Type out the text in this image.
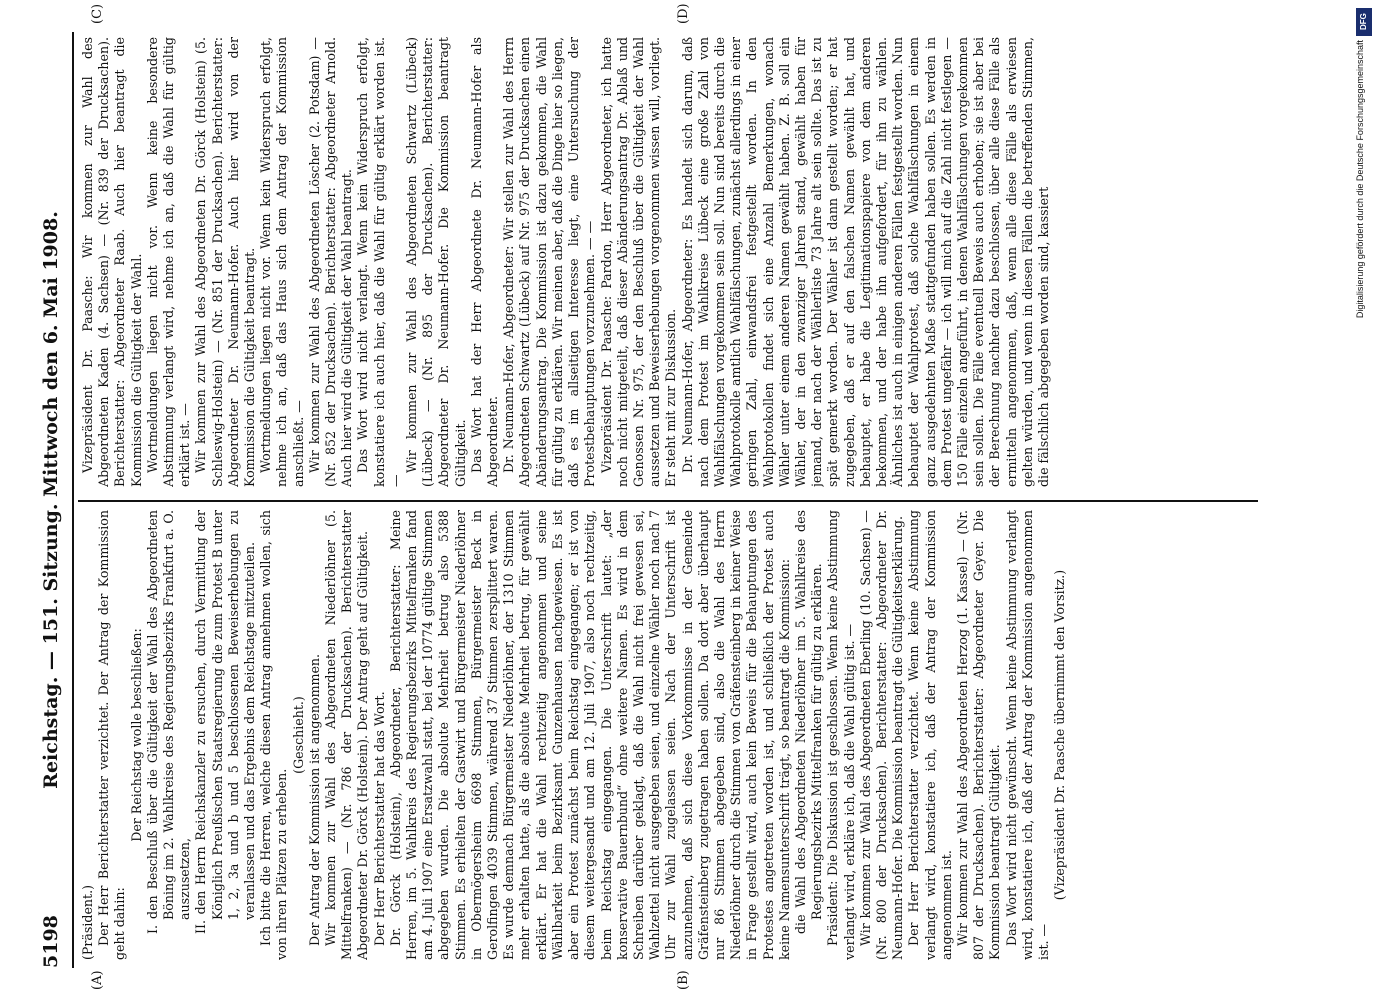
5198
Reichstag. — 151. Sitzung. Mittwoch den 6. Mai 1908.
(A)	(B)
(C)	(D)

(Präsident.) Der Herr Berichterstatter verzichtet. Der Antrag der Kommission geht dahin:

Der Reichstag wolle beschließen: I. den Beschluß über die Gültigkeit der Wahl des Abgeordneten Böning im 2. Wahlkreise des Regierungsbezirks Frankfurt a. O. auszusetzen, II. den Herrn Reichskanzler zu ersuchen, durch Vermittlung der Königlich Preußischen Staatsregierung die zum Protest B unter 1, 2, 3a und b und 5 beschlossenen Beweiserhebungen zu veranlassen und das Ergebnis dem Reichstage mitzuteilen. Ich bitte die Herren, welche diesen Antrag annehmen wollen, sich von ihren Plätzen zu erheben.

(Geschieht.) Der Antrag der Kommission ist angenommen. Wir kommen zur Wahl des Abgeordneten Niederlöhner (5. Mittelfranken) — (Nr. 786 der Drucksachen). Berichterstatter Abgeordneter Dr. Görck (Holstein). Der Antrag geht auf Gültigkeit. Der Herr Berichterstatter hat das Wort. Dr. Görck (Holstein), Abgeordneter, Berichterstatter: Meine Herren, im 5. Wahlkreis des Regierungsbezirks Mittelfranken fand am 4. Juli 1907 eine Ersatzwahl statt, bei der 10774 gültige Stimmen abgegeben wurden. Die absolute Mehrheit betrug also 5388 Stimmen. Es erhielten der Gastwirt und Bürgermeister Niederlöhner in Obermögersheim 6698 Stimmen, Bürgermeister Beck in Gerolfingen 4039 Stimmen, während 37 Stimmen zersplittert waren. Es wurde demnach Bürgermeister Niederlöhner, der 1310 Stimmen mehr erhalten hatte, als die absolute Mehrheit betrug, für gewählt erklärt. Er hat die Wahl rechtzeitig angenommen und seine Wählbarkeit beim Bezirksamt Gunzenhausen nachgewiesen. Es ist aber ein Protest zunächst beim Reichstag eingegangen; er ist von diesem weitergesandt und am 12. Juli 1907, also noch rechtzeitig, beim Reichstag eingegangen. Die Unterschrift lautet: „der konservative Bauernbund“ ohne weitere Namen. Es wird in dem Schreiben darüber geklagt, daß die Wahl nicht frei gewesen sei, Wahlzettel nicht ausgegeben seien, und einzelne Wähler noch nach 7 Uhr zur Wahl zugelassen seien. Nach der Unterschrift ist anzunehmen, daß sich diese Vorkommnisse in der Gemeinde Gräfensteinberg zugetragen haben sollen. Da dort aber überhaupt nur 86 Stimmen abgegeben sind, also die Wahl des Herrn Niederlöhner durch die Stimmen von Gräfensteinberg in keiner Weise in Frage gestellt wird, auch kein Beweis für die Behauptungen des Protestes angetreten worden ist, und schließlich der Protest auch keine Namensunterschrift trägt, so beantragt die Kommission: die Wahl des Abgeordneten Niederlöhner im 5. Wahlkreise des Regierungsbezirks Mittelfranken für gültig zu erklären. Präsident: Die Diskussion ist geschlossen. Wenn keine Abstimmung verlangt wird, erkläre ich, daß die Wahl gültig ist. — Wir kommen zur Wahl des Abgeordneten Eberling (10. Sachsen) — (Nr. 800 der Drucksachen). Berichterstatter: Abgeordneter Dr. Neumann-Hofer. Die Kommission beantragt die Gültigkeitserklärung. Der Herr Berichterstatter verzichtet. Wenn keine Abstimmung verlangt wird, konstatiere ich, daß der Antrag der Kommission angenommen ist. Wir kommen zur Wahl des Abgeordneten Herzog (1. Kassel) — (Nr. 807 der Drucksachen). Berichterstatter: Abgeordneter Geyer. Die Kommission beantragt Gültigkeit. Das Wort wird nicht gewünscht. Wenn keine Abstimmung verlangt wird, konstatiere ich, daß der Antrag der Kommission angenommen ist. —

(Vizepräsident Dr. Paasche übernimmt den Vorsitz.)

Vizepräsident Dr. Paasche: Wir kommen zur Wahl des Abgeordneten Kaden (4. Sachsen) — (Nr. 839 der Drucksachen). Berichterstatter: Abgeordneter Raab. Auch hier beantragt die Kommission die Gültigkeit der Wahl. Wortmeldungen liegen nicht vor. Wenn keine besondere Abstimmung verlangt wird, nehme ich an, daß die Wahl für gültig erklärt ist. — Wir kommen zur Wahl des Abgeordneten Dr. Görck (Holstein) (5. Schleswig-Holstein) — (Nr. 851 der Drucksachen). Berichterstatter: Abgeordneter Dr. Neumann-Hofer. Auch hier wird von der Kommission die Gültigkeit beantragt. Wortmeldungen liegen nicht vor. Wenn kein Widerspruch erfolgt, nehme ich an, daß das Haus sich dem Antrag der Kommission anschließt. — Wir kommen zur Wahl des Abgeordneten Löscher (2. Potsdam) — (Nr. 852 der Drucksachen). Berichterstatter: Abgeordneter Arnold. Auch hier wird die Gültigkeit der Wahl beantragt. Das Wort wird nicht verlangt. Wenn kein Widerspruch erfolgt, konstatiere ich auch hier, daß die Wahl für gültig erklärt worden ist. —

Wir kommen zur Wahl des Abgeordneten Schwartz (Lübeck) (Lübeck) — (Nr. 895 der Drucksachen). Berichterstatter: Abgeordneter Dr. Neumann-Hofer. Die Kommission beantragt Gültigkeit. Das Wort hat der Herr Abgeordnete Dr. Neumann-Hofer als Abgeordneter. Dr. Neumann-Hofer, Abgeordneter: Wir stellen zur Wahl des Herrn Abgeordneten Schwartz (Lübeck) auf Nr. 975 der Drucksachen einen Abänderungsantrag. Die Kommission ist dazu gekommen, die Wahl für gültig zu erklären. Wir meinen aber, daß die Dinge hier so liegen, daß es im allseitigen Interesse liegt, eine Untersuchung der Protestbehauptungen vorzunehmen. — — Vizepräsident Dr. Paasche: Pardon, Herr Abgeordneter, ich hatte noch nicht mitgeteilt, daß dieser Abänderungsantrag Dr. Ablaß und Genossen Nr. 975, der den Beschluß über die Gültigkeit der Wahl aussetzen und Beweiserhebungen vorgenommen wissen will, vorliegt. Er steht mit zur Diskussion. Dr. Neumann-Hofer, Abgeordneter: Es handelt sich darum, daß nach dem Protest im Wahlkreise Lübeck eine große Zahl von Wahlfälschungen vorgekommen sein soll. Nun sind bereits durch die Wahlprotokolle amtlich Wahlfälschungen, zunächst allerdings in einer geringen Zahl, einwandsfrei festgestellt worden. In den Wahlprotokollen findet sich eine Anzahl Bemerkungen, wonach Wähler unter einem anderen Namen gewählt haben. Z. B. soll ein Wähler, der in den zwanziger Jahren stand, gewählt haben für jemand, der nach der Wählerliste 73 Jahre alt sein sollte. Das ist zu spät gemerkt worden. Der Wähler ist dann gestellt worden; er hat zugegeben, daß er auf den falschen Namen gewählt hat, und behauptet, er habe die Legitimationspapiere von dem anderen bekommen, und der habe ihn aufgefordert, für ihn zu wählen. Ähnliches ist auch in einigen anderen Fällen festgestellt worden. Nun behauptet der Wahlprotest, daß solche Wahlfälschungen in einem ganz ausgedehnten Maße stattgefunden haben sollen. Es werden in dem Protest ungefähr — ich will mich auf die Zahl nicht festlegen — 150 Fälle einzeln angeführt, in denen Wahlfälschungen vorgekommen sein sollen. Die Fälle eventuell Beweis auch erhoben; sie ist aber bei der Berechnung nachher dazu beschlossen, über alle diese Fälle als ermitteln angenommen, daß, wenn alle diese Fälle als erwiesen gelten würden, und wenn in diesen Fällen die betreffenden Stimmen, die fälschlich abgegeben worden sind, kassiert

DFG
Digitalisierung gefördert durch die Deutsche Forschungsgemeinschaft
